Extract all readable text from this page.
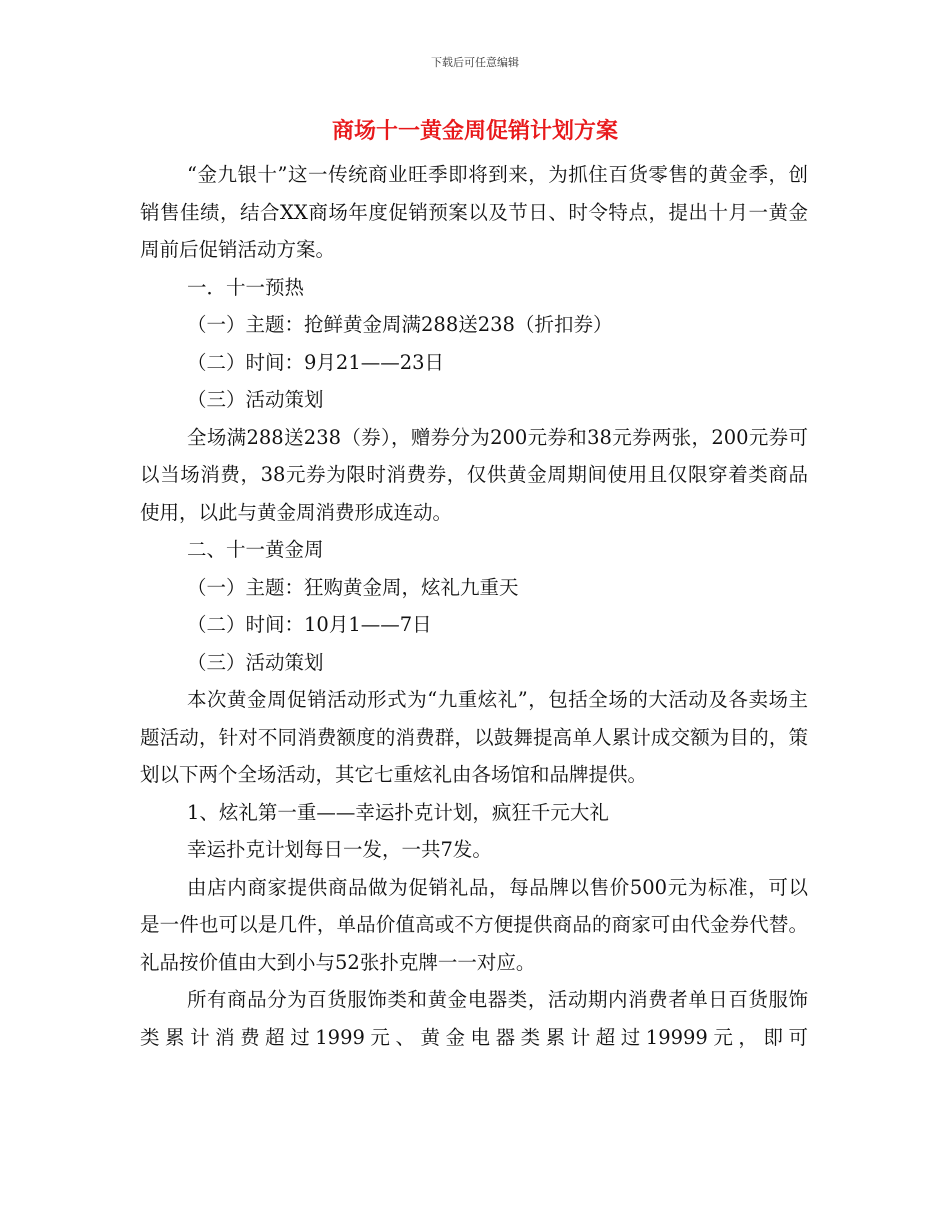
下载后可任意编辑
商场十一黄金周促销计划方案

“金九银十”这一传统商业旺季即将到来，为抓住百货零售的黄金季，创销售佳绩，结合XX商场年度促销预案以及节日、时令特点，提出十月一黄金周前后促销活动方案。

一．十一预热

（一）主题：抢鲜黄金周满288送238（折扣券）

（二）时间：9月21——23日

（三）活动策划

全场满288送238（券），赠券分为200元券和38元券两张，200元券可以当场消费，38元券为限时消费券，仅供黄金周期间使用且仅限穿着类商品使用，以此与黄金周消费形成连动。

二、十一黄金周

（一）主题：狂购黄金周，炫礼九重天

（二）时间：10月1——7日

（三）活动策划

本次黄金周促销活动形式为“九重炫礼”，包括全场的大活动及各卖场主题活动，针对不同消费额度的消费群，以鼓舞提高单人累计成交额为目的，策划以下两个全场活动，其它七重炫礼由各场馆和品牌提供。

1、炫礼第一重——幸运扑克计划，疯狂千元大礼

幸运扑克计划每日一发，一共7发。

由店内商家提供商品做为促销礼品，每品牌以售价500元为标准，可以是一件也可以是几件，单品价值高或不方便提供商品的商家可由代金券代替。礼品按价值由大到小与52张扑克牌一一对应。

所有商品分为百货服饰类和黄金电器类，活动期内消费者单日百货服饰类累计消费超过1999元、黄金电器类累计超过19999元，即可
